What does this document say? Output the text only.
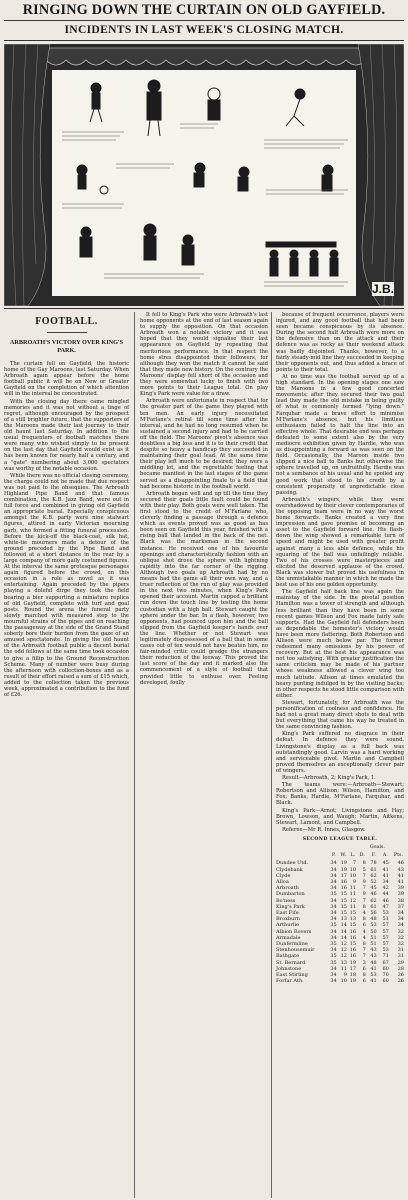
RINGING DOWN THE CURTAIN ON OLD GAYFIELD.
INCIDENTS IN LAST WEEK'S CLOSING MATCH.
J.B.
FOOTBALL.
ARBROATH'S VICTORY OVER KING'S PARK.

The curtain fell on Gayfield, the historic home of the Gay Maroons, last Saturday. When Arbroath again appear before the home football public it will be on New or Greater Gayfield on the completion of which attention will in the interval be concentrated.

With the closing day there came mingled memories and it was not without a tinge of regret, although encouraged by the prospect of a still brighter future, that the supporters of the Maroons made their last journey to their old haunt last Saturday. In addition to the usual frequenters of football matches there were many who wished simply to be present on the last day that Gayfield would exist as it has been known for nearly half a century, and a "gate" numbering about 3,000 spectators was worthy of the notable occasion.

While there was no official closing ceremony, the charge could not be made that due respect was not paid to the obsequies. The Arbroath Highland Pipe Band and that famous combination, the K.B. Jazz Band, were out in full force and combined in giving old Gayfield an appropriate burial. Especially conspicuous amongst the K.B. party were nine stalwart figures, attired in early Victorian mourning garb, who formed a fitting funeral procession. Before the kick-off the black-coat, silk hat, white-tie mourners made a detour of the ground preceded by the Pipe Band and followed at a short distance in the rear by a large company of more gaily costumed figures. At the interval the same grotesque personages again figured before the crowd, on this occasion in a role as novel as it was entertaining. Again preceded by the pipers playing a doleful dirge they took the field bearing a bier supporting a miniature replica of old Gayfield, complete with turf and goal posts. Round the arena the funeral party slowly marched with measured step to the mournful strains of the pipes and on reaching the passageway at the side of the Grand Stand soberly bore their burden from the gaze of an amused spectatorate. In giving the old haunt of the Arbroath football public a decent burial the odd fellows at the same time took occasion to give a fillip to the Ground Reconstruction Scheme. Many of number were busy during the afternoon with collection-boxes and as a result of their effort raised a sum of £15 which, added to the collection taken the previous week, approximated a contribution to the fund of £26.

It fell to King's Park who were Arbroath's last home opponents at the end of last season again to supply the opposition. On that occasion Arbroath won a notable victory and it was hoped that they would signalise their last appearance on Gayfield by repeating that meritorious performance. In that respect the home stres disappointed their followers, for although they won the match it cannot be said that they made new history. On the contrary the Maroons' display fell short of the occasion and they were somewhat lucky to finish with two more points to their League total. On play King's Park were value for a draw.

Arbroath were unfortunate in respect that for the greater part of the game they played with ten men. An early injury necessitated M'Farlane's retiral till some time after the interval, and he had no long resumed when he sustained a second injury and had to be carried off the field. The Maroons' pivot's absence was doubtless a big loss and it is to their credit that despite so heavy a handicap they succeeded in maintaining their goal lead. At the same time their play left much to be desired; they were a middling lot, and the regrettable feeling that became manifest in the last stages of the game served as a disappointing finale to a field that had become historic in the football world.

Arbroath began well and up till the time they secured their goals little fault could be found with their play. Both goals were well taken. The first stood to the credit of M'Farlane who, cleverly finding a passage through a defence which as events proved was as good as has been seen on Gayfield this year, finished with a rising ball that landed in the back of the net. Black was the marksman in the second instance. He received one of his favourite openings and characteristically fashion with an oblique shot drove the sphere with lightning rapidity into the far corner of the rigging. Although two goals up Arbroath had by no means had the game all their own way, and a truer reflection of the run of play was provided in the next two minutes, when King's Park opened their account. Martin capped a brilliant run down the touch line by testing the home custodian with a high ball. Stewart caught the sphere under the bar. In a flash, however, two opponents, had pounced upon him and the ball slipped from the Gayfield keeper's hands over the line. Whether or not Stewart was legitimately dispossessed of a ball that in some cases out of ten would not have beaten him, no fair-minded critic could grudge the strangers their reduction of the leeway. This proved the last score of the day and it marked also the commencement of a style of football that provided little to enthuse over. Feeling developed, foully

because of frequent occurrence, players were injured, and any good football that had been seen became conspicuous by its absence. During the second half Arbroath were more on the defensive than on the attack and their defence was as rocky as their weekend attack was badly disjointed. Thanks, however, to a fairly steady-mid line they succeeded in keeping their opponents out, and thus added a brace of points to their total.

At no time was the football served up of a high standard. In the opening stages one saw the Maroons in a few good concerted movements; after they secured their two goal lead they made the old mistake in being guilty of what is commonly termed "lying down." Farquhar made a brave effort to minimise M'Farlane's absence, but his limitless enthusiasm failed to halt the line into an effective whole. That desirable end was perhaps defeated to some extent also by the very mediocre exhibition given by Hardie, who was as disappointing a forward as was seen on the field. Occasionally, the Maroon inside two slipped a nice ball to Banks but otherwise the sphere travelled up, on unfruitfully. Hardie was not a sembance of his usual and he spoiled any good work that stood to his credit by a consistent propensity of unpredictable close passing.

Arbroath's wingers, while they were overshadowed by their clever contemporaries of the opposing team were in no way the worst home forwards. Banks created a very fine impression and gave promise of becoming an asset to the Gayfield forward line. His flash-down the wing showed a remarkable turn of speed and might be used with greater profit against many a less able defence, while his squaring of the ball was unfailingly reliable. Two of his crosses were masterpieces and elicited the deserved applause of the crowd. Black was slower but proved his usefulness in the unmistakable manner in which he made the best use of his one golden opportunity.

The Gayfield half back line was again the mainstay of the side. In the pivotal position Hamilton was a tower of strength and although less brilliant than they have been in some recent games Wilson and Fox made fairly safe supports. Had the Gayfield full defenders been as dependable the homester's victory would have been more flattering. Both Robertson and Allison were much below par. The former redeemed many omissions by his power of recovery. But at the best his appearance was not too satisfying. With greater justification the same criticism may be made of his partner whose weakness allowed a clever wing too much latitude. Allison at times emulated the heavy punting indulged in by the visiting backs; in other respects he stood little comparison with either.

Stewart, fortunately, for Arbroath was the personification of coolness and confidence. He had not a great many direct shots to deal with but everything that came his way he treated in the same convincing fashion.

King's Park suffered no disgrace in their defeat. In defence they were sound. Livingstone's display as a full back was outstandingly good. Larvin was a hard working and serviceable pivot. Martin and Campbell proved themselves an exceptionally clever pair of wingers.

Result—Arbroath, 2; King's Park, 1.

The teams were:—Arbroath—Stewart; Robertson and Allison; Wilson, Hamilton, and Fox; Banks, Hardie, M'Farlane, Farquhar, and Black.

King's Park—Arnot; Livingstone and Hay; Brown, Lowson, and Waugh; Martin, Aitkens, Stewart, Lamont, and Campbell.

Referee—Mr R. Innes, Glasgow.

SECOND LEAGUE TABLE.
					Goals.		
	P.	W.	L.	D.	F.	A.	Pts.
Dundee Utd.	34	19	7	8	78	45	46
Clydebank	34	19	10	5	61	41	43
Clyde	34	17	10	7	62	41	41
Alloa	34	16	9	9	52	34	41
Arbroath	34	16	11	7	45	42	39
Dumbarton	35	15	11	9	46	44	39
Bo'ness	34	15	12	7	62	46	38
King's Park	34	15	11	8	61	47	37
East Fife	34	15	15	4	56	53	34
Broxburn	34	13	13	8	48	51	34
Arthurlie	35	14	15	6	53	57	34
Albion Rovers	34	14	16	4	50	57	32
Armadale	34	14	16	4	51	57	32
Dunfermline	35	12	15	8	51	57	32
Stenhousemuir	34	12	16	7	43	53	31
Bathgate	35	12	16	7	43	71	31
St. Bernard	35	13	19	3	48	67	29
Johnstone	34	11	17	6	41	60	28
East Stirling	34	9	18	8	53	70	26
Forfar Ath.	34	10	19	6	41	60	26
